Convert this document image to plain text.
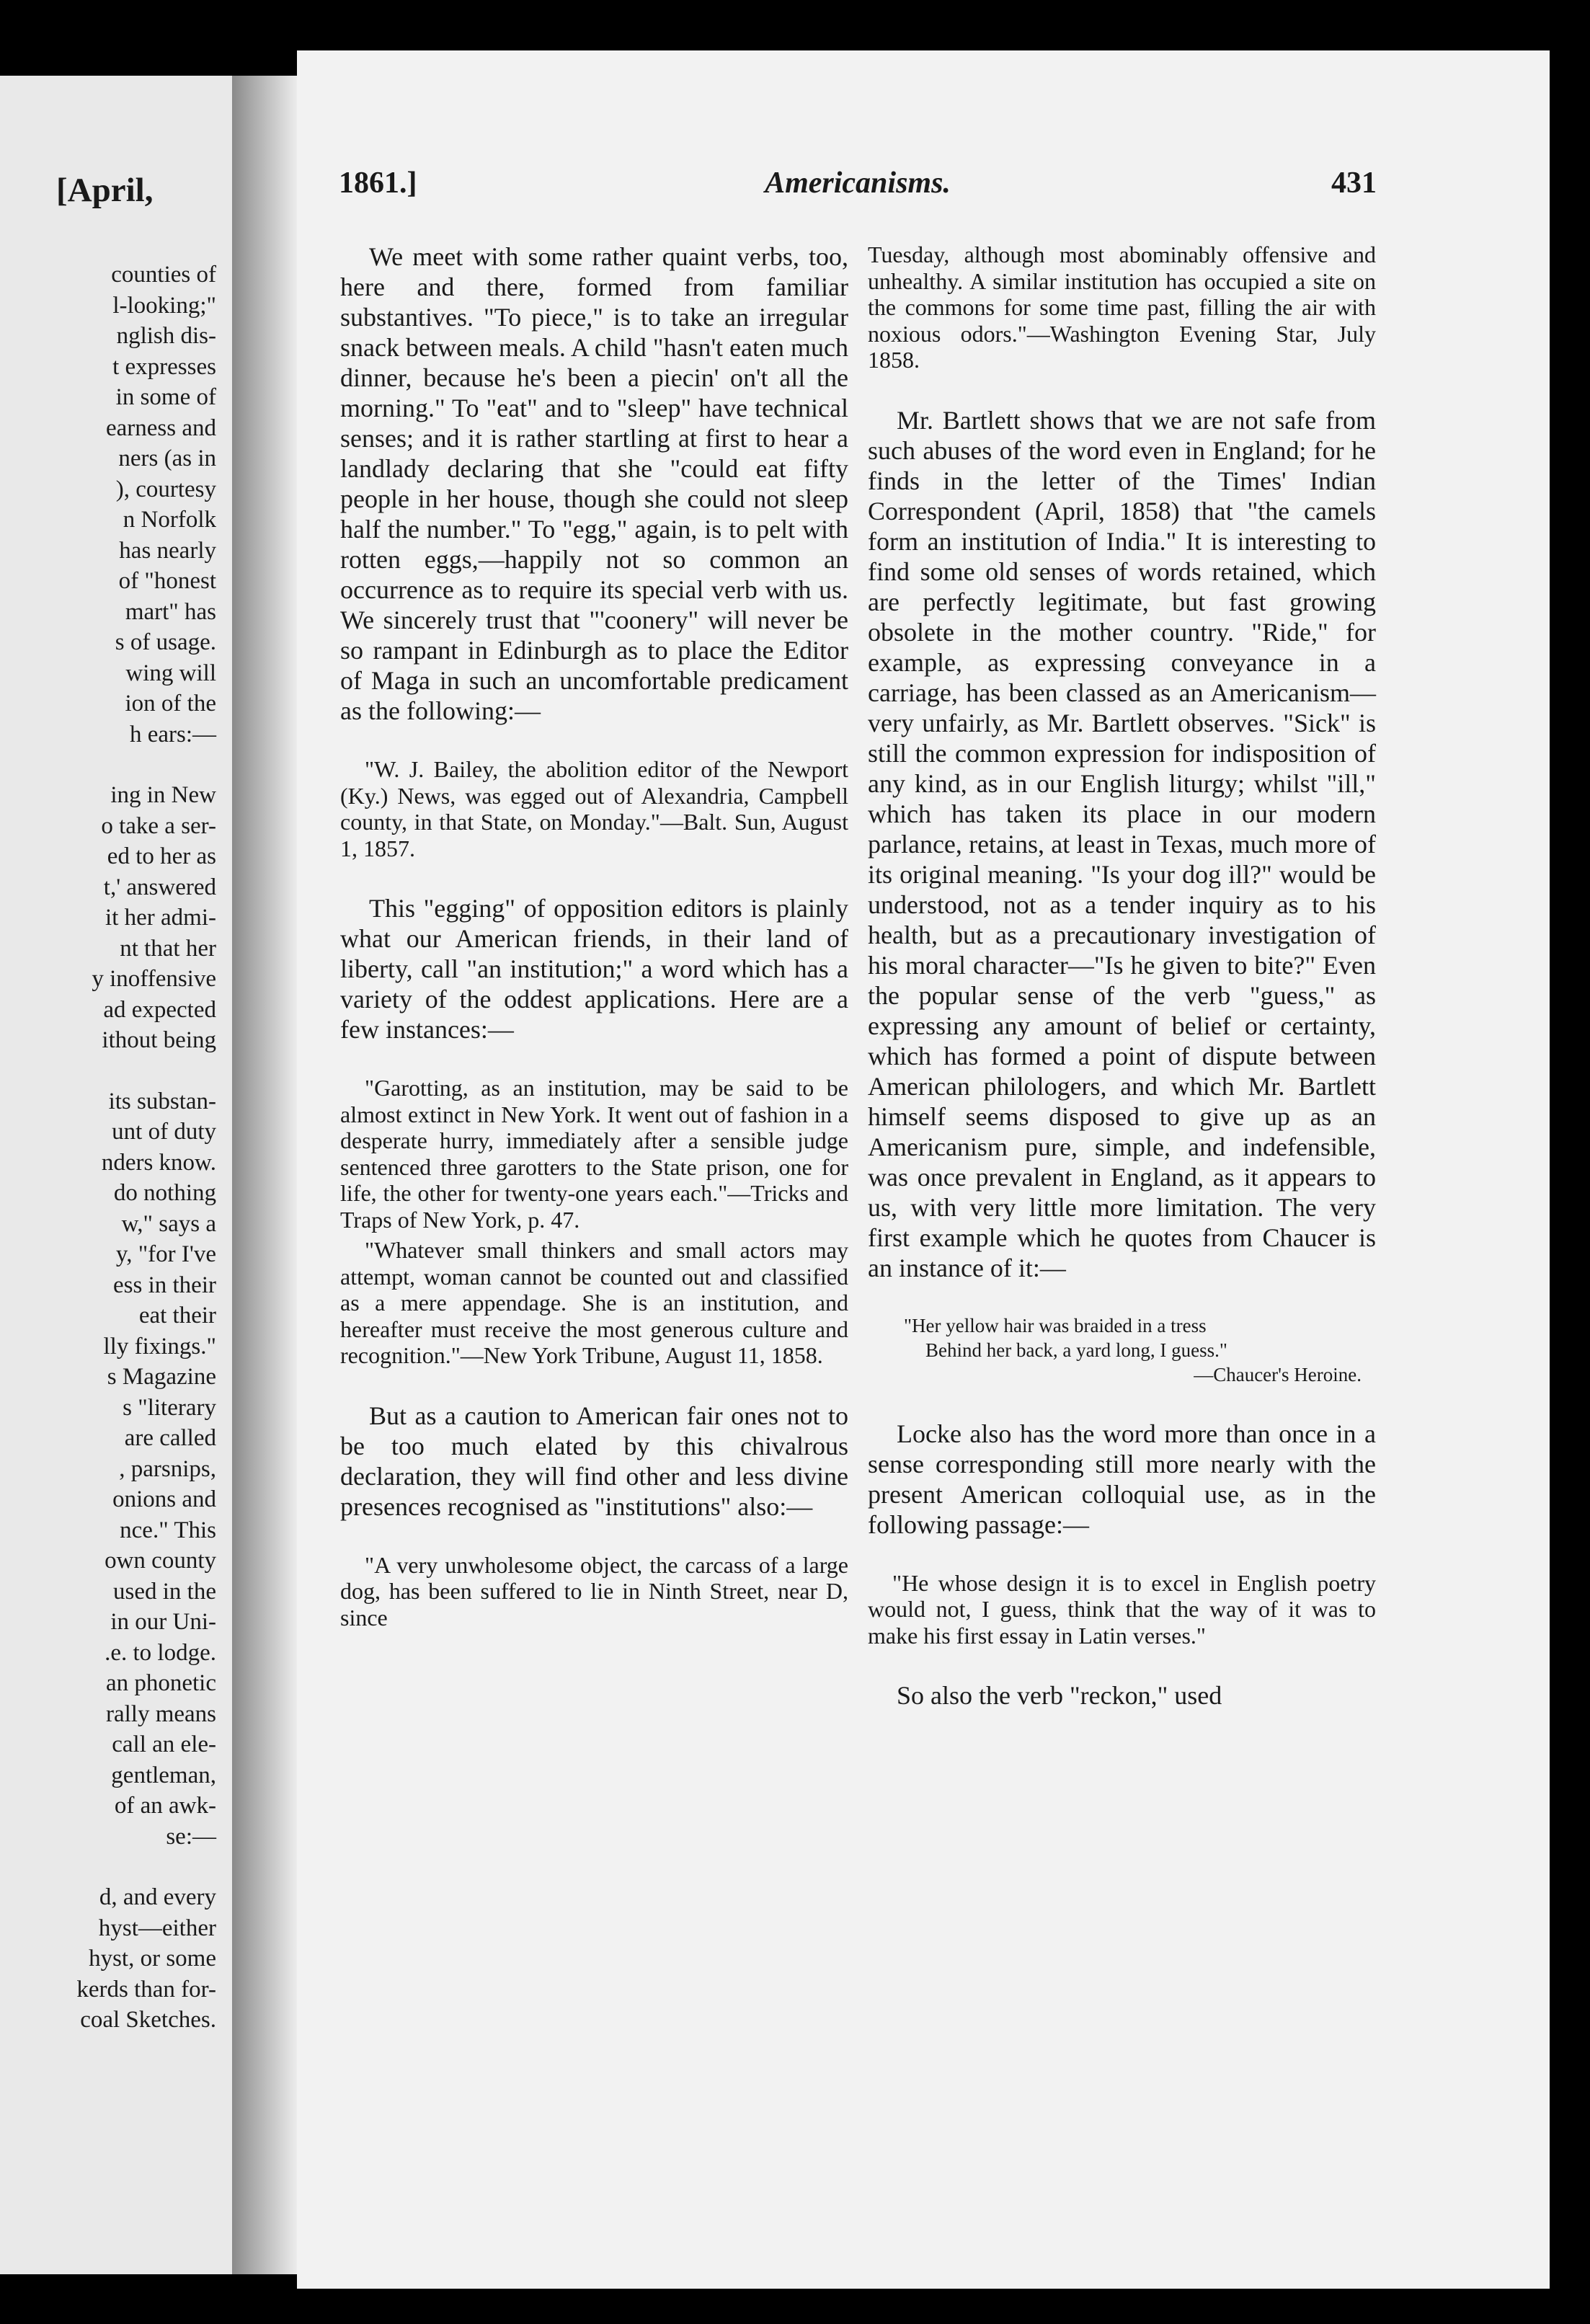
[April,
counties of
l-looking;"
nglish dis-
t expresses
in some of
earness and
ners (as in
), courtesy
n Norfolk
has nearly
of "honest
mart" has
s of usage.
wing will
ion of the
h ears:—
ing in New
o take a ser-
ed to her as
t,' answered
it her admi-
nt that her
y inoffensive
ad expected
ithout being
its substan-
unt of duty
nders know.
do nothing
w," says a
y, "for I've
ess in their
eat their
lly fixings."
s Magazine
s "literary
are called
, parsnips,
onions and
nce." This
own county
used in the
in our Uni-
.e. to lodge.
an phonetic
rally means
call an ele-
gentleman,
of an awk-
se:—
d, and every
hyst—either
hyst, or some
kerds than for-
coal Sketches.
1861.]	Americanisms.	431

We meet with some rather quaint verbs, too, here and there, formed from familiar substantives. "To piece," is to take an irregular snack between meals. A child "hasn't eaten much dinner, because he's been a piecin' on't all the morning." To "eat" and to "sleep" have technical senses; and it is rather startling at first to hear a landlady declaring that she "could eat fifty people in her house, though she could not sleep half the number." To "egg," again, is to pelt with rotten eggs,—happily not so common an occurrence as to require its special verb with us. We sincerely trust that "'coonery" will never be so rampant in Edinburgh as to place the Editor of Maga in such an uncomfortable predicament as the following:—

"W. J. Bailey, the abolition editor of the Newport (Ky.) News, was egged out of Alexandria, Campbell county, in that State, on Monday."—Balt. Sun, August 1, 1857.

This "egging" of opposition editors is plainly what our American friends, in their land of liberty, call "an institution;" a word which has a variety of the oddest applications. Here are a few instances:—

"Garotting, as an institution, may be said to be almost extinct in New York. It went out of fashion in a desperate hurry, immediately after a sensible judge sentenced three garotters to the State prison, one for life, the other for twenty-one years each."—Tricks and Traps of New York, p. 47.

"Whatever small thinkers and small actors may attempt, woman cannot be counted out and classified as a mere appendage. She is an institution, and hereafter must receive the most generous culture and recognition."—New York Tribune, August 11, 1858.

But as a caution to American fair ones not to be too much elated by this chivalrous declaration, they will find other and less divine presences recognised as "institutions" also:—

"A very unwholesome object, the carcass of a large dog, has been suffered to lie in Ninth Street, near D, since

Tuesday, although most abominably offensive and unhealthy. A similar institution has occupied a site on the commons for some time past, filling the air with noxious odors."—Washington Evening Star, July 1858.

Mr. Bartlett shows that we are not safe from such abuses of the word even in England; for he finds in the letter of the Times' Indian Correspondent (April, 1858) that "the camels form an institution of India." It is interesting to find some old senses of words retained, which are perfectly legitimate, but fast growing obsolete in the mother country. "Ride," for example, as expressing conveyance in a carriage, has been classed as an Americanism—very unfairly, as Mr. Bartlett observes. "Sick" is still the common expression for indisposition of any kind, as in our English liturgy; whilst "ill," which has taken its place in our modern parlance, retains, at least in Texas, much more of its original meaning. "Is your dog ill?" would be understood, not as a tender inquiry as to his health, but as a precautionary investigation of his moral character—"Is he given to bite?" Even the popular sense of the verb "guess," as expressing any amount of belief or certainty, which has formed a point of dispute between American philologers, and which Mr. Bartlett himself seems disposed to give up as an Americanism pure, simple, and indefensible, was once prevalent in England, as it appears to us, with very little more limitation. The very first example which he quotes from Chaucer is an instance of it:—

"Her yellow hair was braided in a tress
Behind her back, a yard long, I guess."
—Chaucer's Heroine.

Locke also has the word more than once in a sense corresponding still more nearly with the present American colloquial use, as in the following passage:—

"He whose design it is to excel in English poetry would not, I guess, think that the way of it was to make his first essay in Latin verses."

So also the verb "reckon," used
